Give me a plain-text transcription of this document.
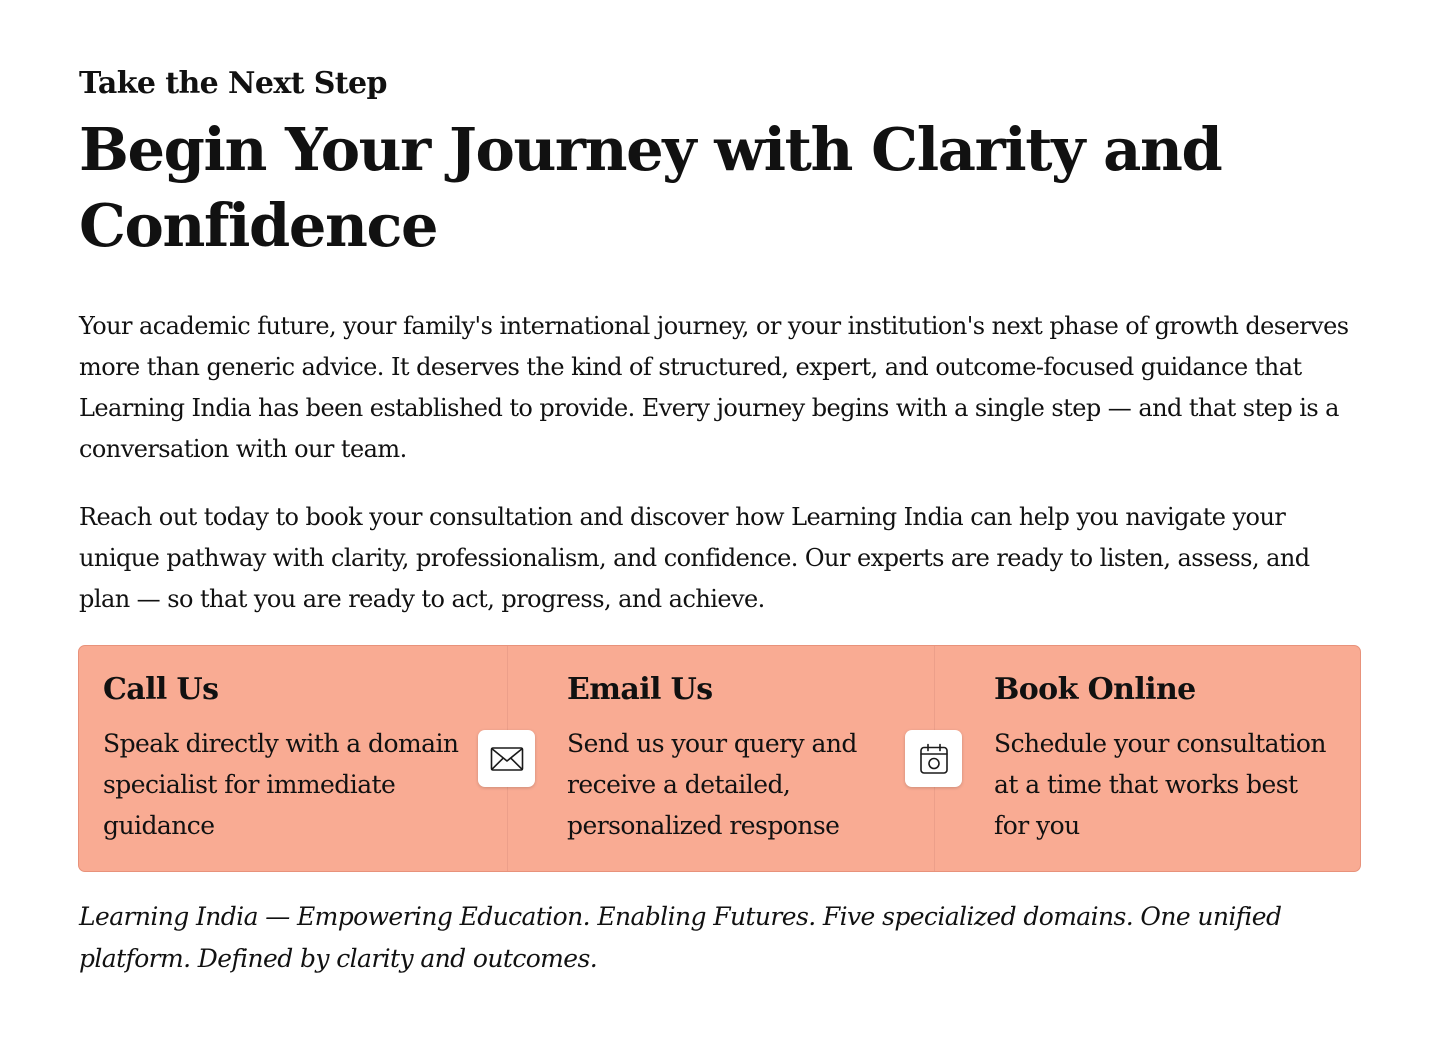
Take the Next Step
Begin Your Journey with Clarity and Confidence

Your academic future, your family's international journey, or your institution's next phase of growth deserves more than generic advice. It deserves the kind of structured, expert, and outcome-focused guidance that Learning India has been established to provide. Every journey begins with a single step — and that step is a conversation with our team.

Reach out today to book your consultation and discover how Learning India can help you navigate your unique pathway with clarity, professionalism, and confidence. Our experts are ready to listen, assess, and plan — so that you are ready to act, progress, and achieve.

Call Us

Speak directly with a domain specialist for immediate guidance

Email Us

Send us your query and receive a detailed, personalized response

Book Online

Schedule your consultation at a time that works best for you

Learning India — Empowering Education. Enabling Futures. Five specialized domains. One unified platform. Defined by clarity and outcomes.
